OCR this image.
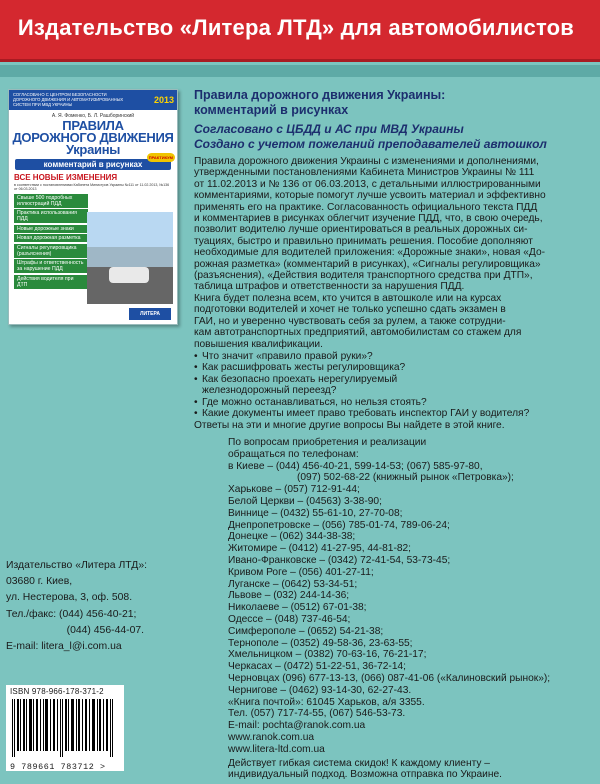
Издательство «Литера ЛТД» для автомобилистов
СОГЛАСОВАНО С ЦЕНТРОМ БЕЗОПАСНОСТИ ДОРОЖНОГО ДВИЖЕНИЯ И АВТОМАТИЗИРОВАННЫХ СИСТЕМ ПРИ МВД УКРАИНЫ	2013
А. Я. Фоменко, Б. Л. Рашборинский
ПРАВИЛА
ДОРОЖНОГО ДВИЖЕНИЯ
Украины
комментарий в рисунках
ПРАКТИКУМ
ВСЕ НОВЫЕ ИЗМЕНЕНИЯ
в соответствии с постановлениями Кабинета Министров Украины №111 от 11.02.2013, №136 от 06.03.2013
Свыше 500 подробных иллюстраций ПДД
Практика использования ПДД
Новые дорожные знаки
Новая дорожная разметка
Сигналы регулировщика (разъяснения)
Штрафы и ответственность за нарушение ПДД
Действия водителя при ДТП
ЛИТЕРА
Правила дорожного движения Украины:
комментарий в рисунках
Согласовано с ЦБДД и АС при МВД Украины
Создано с учетом пожеланий преподавателей автошкол

Правила дорожного движения Украины с изменениями и дополнениями,

утвержденными постановлениями Кабинета Министров Украины № 111

от 11.02.2013 и № 136 от 06.03.2013, с детальными иллюстрированными

комментариями, которые помогут лучше усвоить материал и эффективно

применять его на практике. Согласованность официального текста ПДД

и комментариев в рисунках облегчит изучение ПДД, что, в свою очередь,

позволит водителю лучше ориентироваться в реальных дорожных си-

туациях, быстро и правильно принимать решения. Пособие дополняют

необходимые для водителей приложения: «Дорожные знаки», новая «До-

рожная разметка» (комментарий в рисунках), «Сигналы регулировщика»

(разъяснения), «Действия водителя транспортного средства при ДТП»,

таблица штрафов и ответственности за нарушения ПДД.

Книга будет полезна всем, кто учится в автошколе или на курсах

подготовки водителей и хочет не только успешно сдать экзамен в

ГАИ, но и уверенно чувствовать себя за рулем, а также сотрудни-

кам автотранспортных предприятий, автомобилистам со стажем для

повышения квалификации.

• Что значит «правило правой руки»?
• Как расшифровать жесты регулировщика?
• Как безопасно проехать нерегулируемый железнодорожный переезд?
• Где можно останавливаться, но нельзя стоять?
• Какие документы имеет право требовать инспектор ГАИ у водителя?
Ответы на эти и многие другие вопросы Вы найдете в этой книге.
По вопросам приобретения и реализации
обращаться по телефонам:
в Киеве – (044) 456-40-21, 599-14-53; (067) 585-97-80,
(097) 502-68-22 (книжный рынок «Петровка»);
Харькове – (057) 712-91-44;
Белой Церкви – (04563) 3-38-90;
Виннице – (0432) 55-61-10, 27-70-08;
Днепропетровске – (056) 785-01-74, 789-06-24;
Донецке – (062) 344-38-38;
Житомире – (0412) 41-27-95, 44-81-82;
Ивано-Франковске – (0342) 72-41-54, 53-73-45;
Кривом Роге – (056) 401-27-11;
Луганске – (0642) 53-34-51;
Львове – (032) 244-14-36;
Николаеве – (0512) 67-01-38;
Одессе – (048) 737-46-54;
Симферополе – (0652) 54-21-38;
Тернополе – (0352) 49-58-36, 23-63-55;
Хмельницком – (0382) 70-63-16, 76-21-17;
Черкасах – (0472) 51-22-51, 36-72-14;
Черновцах (096) 677-13-13, (066) 087-41-06 («Калиновский рынок»);
Чернигове – (0462) 93-14-30, 62-27-43.
«Книга почтой»: 61045 Харьков, а/я 3355.
Тел. (057) 717-74-55, (067) 546-53-73.
E-mail: pochta@ranok.com.ua
www.ranok.com.ua
www.litera-ltd.com.ua
Действует гибкая система скидок! К каждому клиенту –
индивидуальный подход. Возможна отправка по Украине.
Издательство «Литера ЛТД»:
03680 г. Киев,
ул. Нестерова, 3, оф. 508.
Тел./факс: (044) 456-40-21;
(044) 456-44-07.
E-mail: litera_l@i.com.ua
ISBN 978-966-178-371-2
9 789661 783712 >
